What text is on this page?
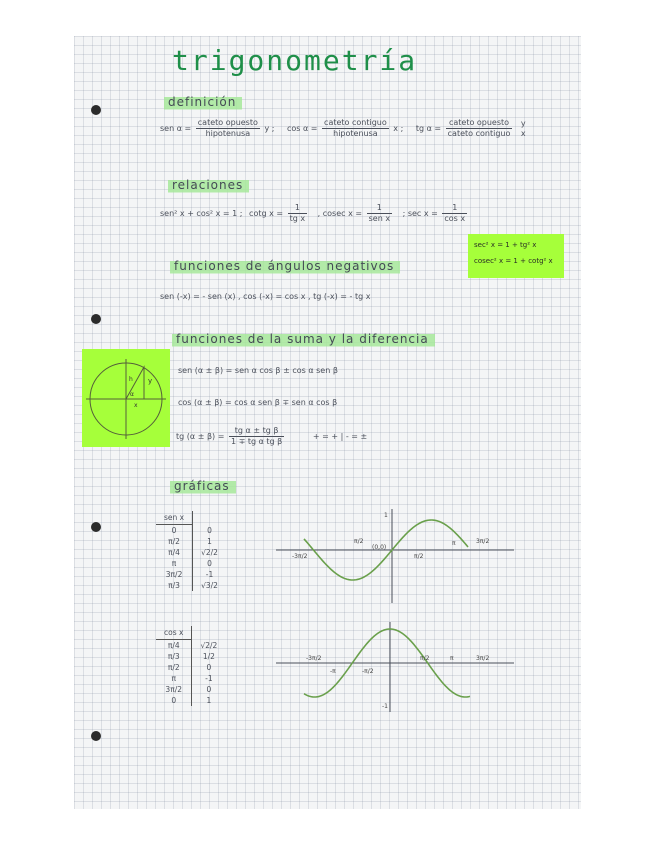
trigonometría
definición
sen $\alpha = \frac{\text{cateto opuesto}}{\text{hipotenusa}}$ y ; $\cos \alpha = \frac{\text{cateto contiguo}}{\text{hipotenusa}}$ x ; tg $\alpha = \frac{\text{cateto opuesto}}{\text{cateto contiguo}}$
y
x
relaciones
sen² x + cos² x = 1 ; cotg $x = \frac{1}{\text{tg x}}$ , cosec $x = \frac{1}{\text{sen x}}$ ; $\sec x = \frac{1}{\text{cos x}}$
sec² x = 1 + tg² x
cosec² x = 1 + cotg² x
funciones de ángulos negativos
sen (-x) = - sen (x) , cos (-x) = cos x , tg (-x) = - tg x
funciones de la suma y la diferencia
α
y
x
h
sen (α ± β) = sen α cos β ± cos α sen β
cos (α ± β) = cos α sen β ∓ sen α cos β
tg $(\alpha \pm \beta) = \frac{\text{tg α ± tg β}}{\text{1 ∓ tg α tg β}}$	+ = + | - = ±
gráficas
sen x	
0	0
π/2	1
π/4	√2/2
π	0
3π/2	-1
π/3	√3/2
cos x	
π/4	√2/2
π/3	1/2
π/2	0
π	-1
3π/2	0
0	1
1
-3π/2
π/2
(0,0)
π/2
π	3π/2
-3π/2
-π	-π/2
π/2	π	3π/2
-1
